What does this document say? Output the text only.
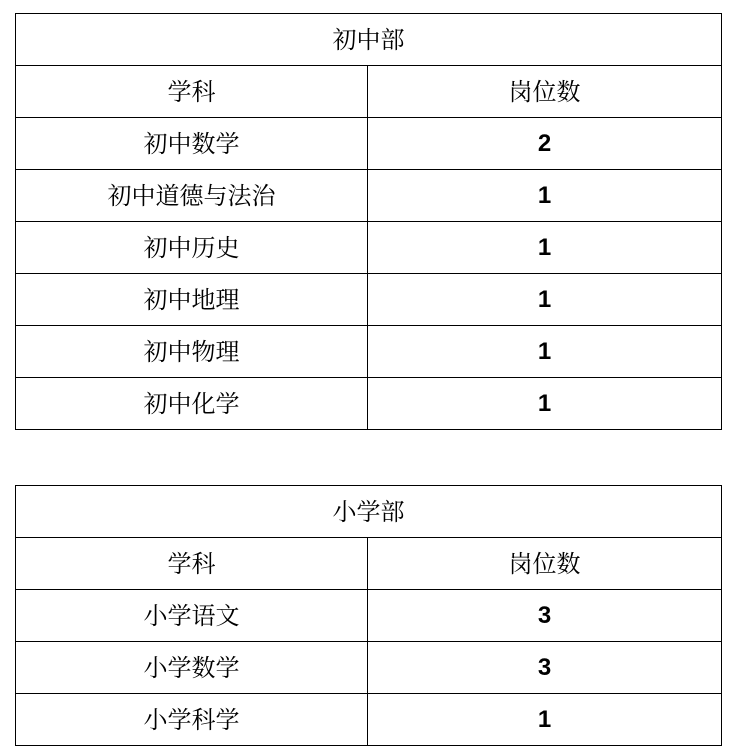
初中部	
学科	岗位数
初中数学	2
初中道德与法治	1
初中历史	1
初中地理	1
初中物理	1
初中化学	1
小学部	
学科	岗位数
小学语文	3
小学数学	3
小学科学	1
